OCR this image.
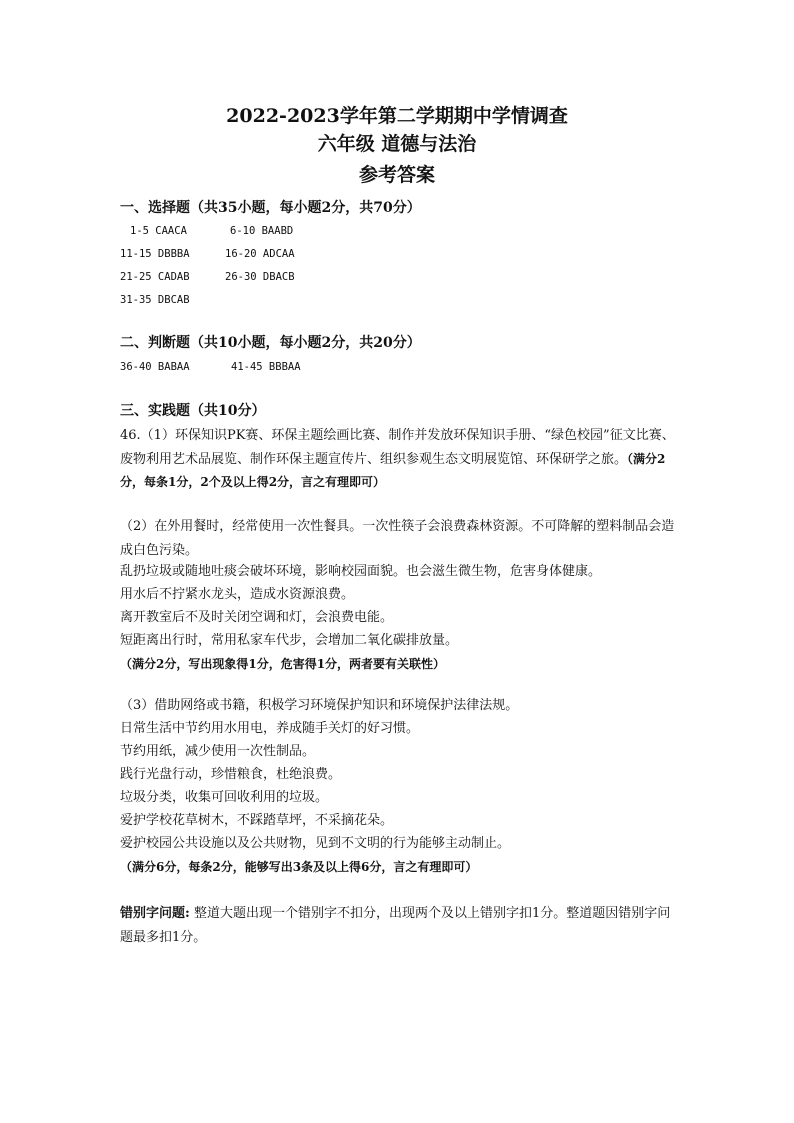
2022-2023学年第二学期期中学情调查
六年级 道德与法治
参考答案
一、选择题（共35小题，每小题2分，共70分）
1-5 CAACA	6-10 BAABD
11-15 DBBBA	16-20 ADCAA
21-25 CADAB	26-30 DBACB
31-35 DBCAB
二、判断题（共10小题，每小题2分，共20分）
36-40 BABAA	41-45 BBBAA
三、实践题（共10分）
46.（1）环保知识PK赛、环保主题绘画比赛、制作并发放环保知识手册、“绿色校园”征文比赛、废物利用艺术品展览、制作环保主题宣传片、组织参观生态文明展览馆、环保研学之旅。（满分2分，每条1分，2个及以上得2分，言之有理即可）
（2）在外用餐时，经常使用一次性餐具。一次性筷子会浪费森林资源。不可降解的塑料制品会造成白色污染。
乱扔垃圾或随地吐痰会破坏环境，影响校园面貌。也会滋生微生物，危害身体健康。
用水后不拧紧水龙头，造成水资源浪费。
离开教室后不及时关闭空调和灯，会浪费电能。
短距离出行时，常用私家车代步，会增加二氧化碳排放量。
（满分2分，写出现象得1分，危害得1分，两者要有关联性）
（3）借助网络或书籍，积极学习环境保护知识和环境保护法律法规。
日常生活中节约用水用电，养成随手关灯的好习惯。
节约用纸，减少使用一次性制品。
践行光盘行动，珍惜粮食，杜绝浪费。
垃圾分类，收集可回收利用的垃圾。
爱护学校花草树木，不踩踏草坪，不采摘花朵。
爱护校园公共设施以及公共财物，见到不文明的行为能够主动制止。
（满分6分，每条2分，能够写出3条及以上得6分，言之有理即可）
错别字问题: 整道大题出现一个错别字不扣分，出现两个及以上错别字扣1分。整道题因错别字问题最多扣1分。
